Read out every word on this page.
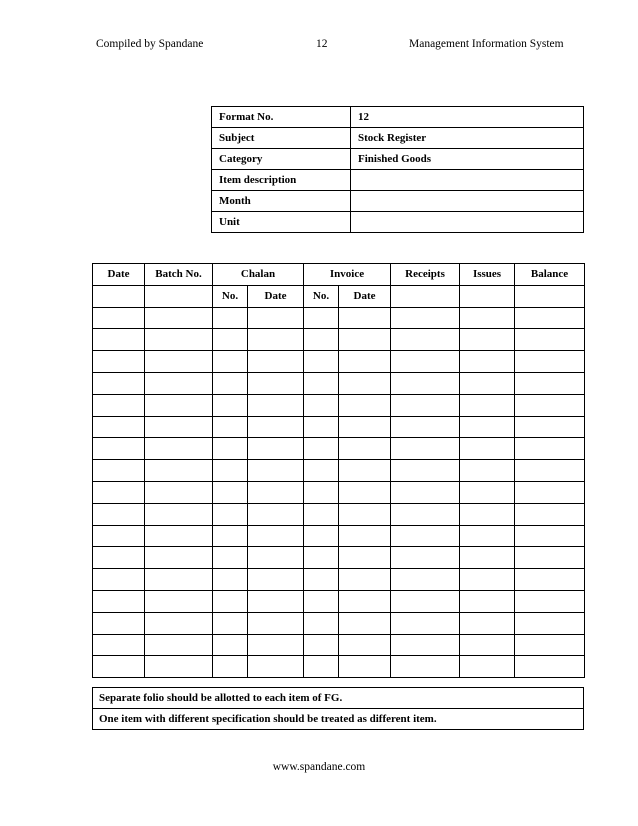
Compiled by Spandane	12	Management Information System
Format No.	12
Subject	Stock Register
Category	Finished Goods
Item description	
Month	
Unit	
Date	Batch No.	Chalan		Invoice		Receipts	Issues	Balance
		No.	Date	No.	Date			

Separate folio should be allotted to each item of FG.
One item with different specification should be treated as different item.
www.spandane.com
